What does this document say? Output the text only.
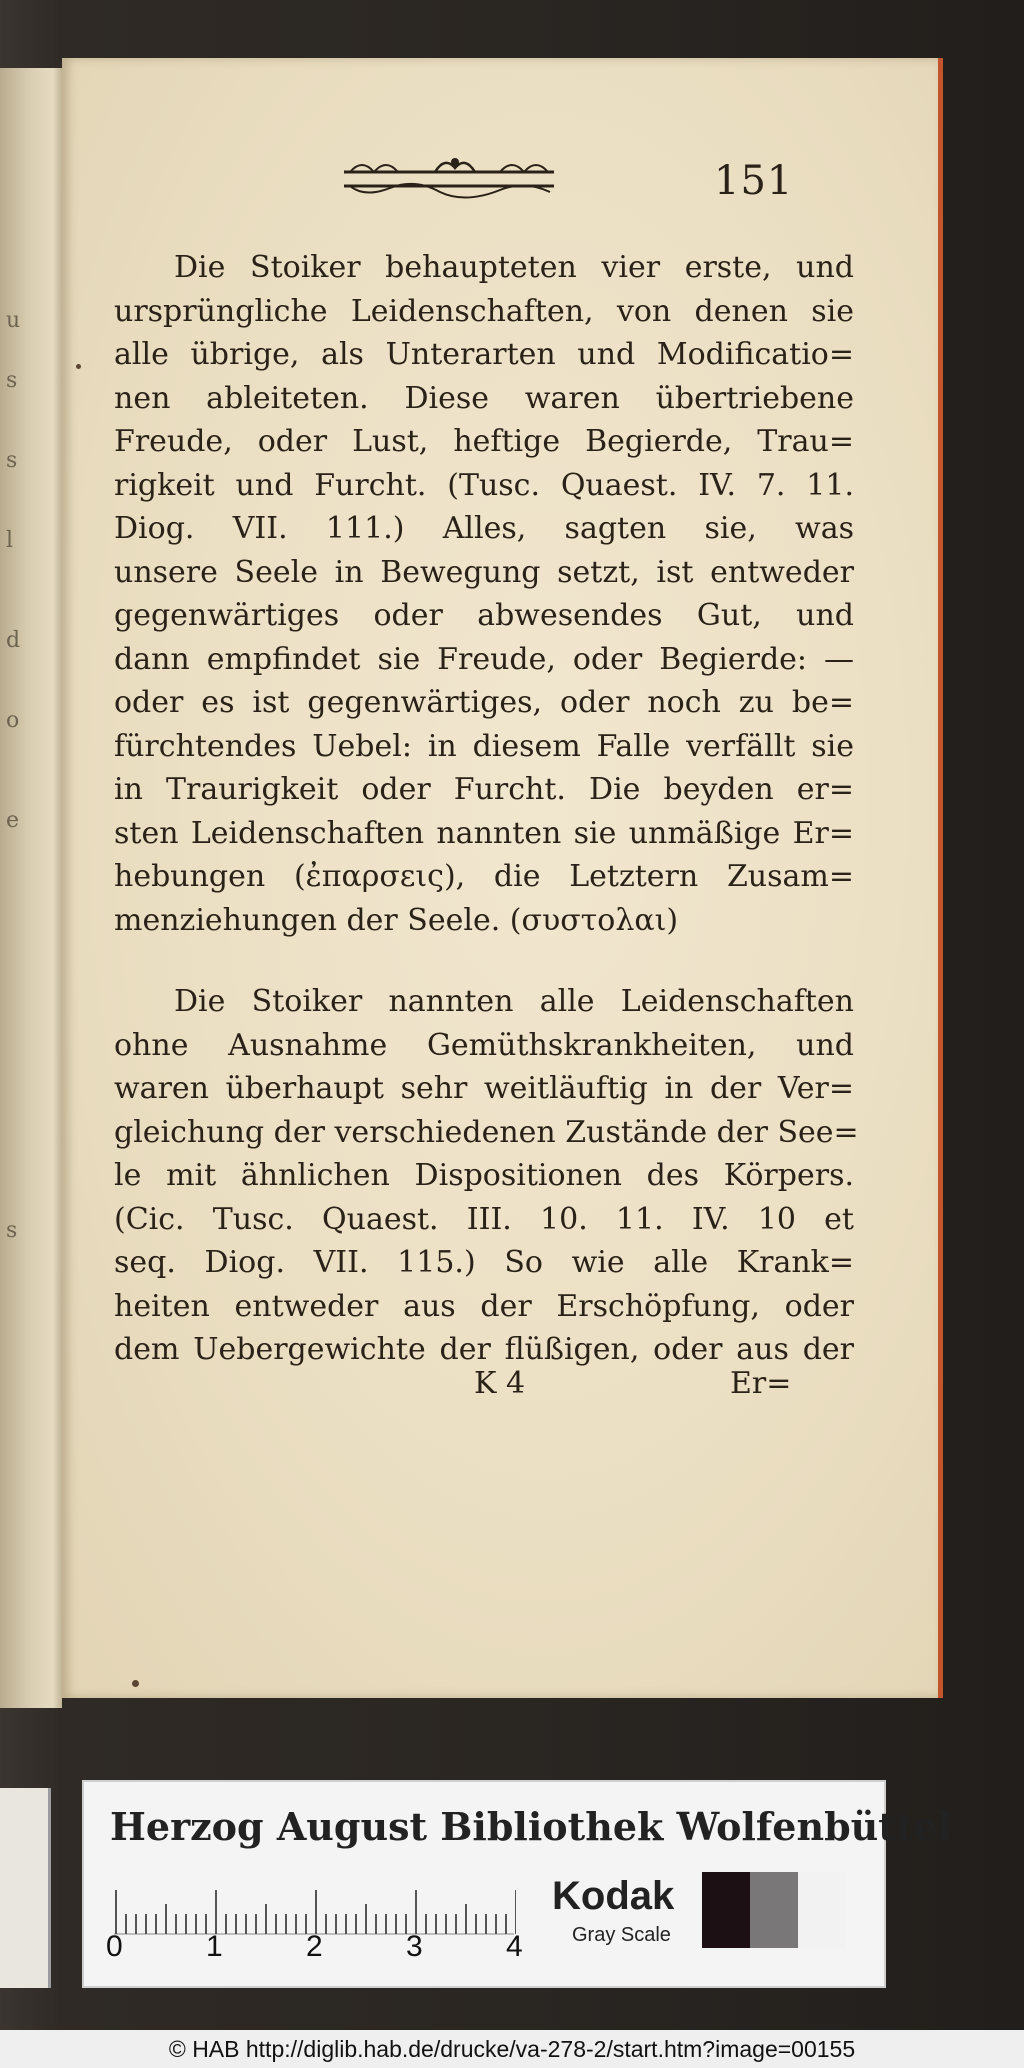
u
s
s
l
d
o
e
s
151
Die Stoiker behaupteten vier erste, und
ursprüngliche Leidenschaften, von denen sie
alle übrige, als Unterarten und Modificatio=
nen ableiteten. Diese waren übertriebene
Freude, oder Lust, heftige Begierde, Trau=
rigkeit und Furcht. (Tusc. Quaest. IV. 7. 11.
Diog. VII. 111.) Alles, sagten sie, was
unsere Seele in Bewegung setzt, ist entweder
gegenwärtiges oder abwesendes Gut, und
dann empfindet sie Freude, oder Begierde: —
oder es ist gegenwärtiges, oder noch zu be=
fürchtendes Uebel: in diesem Falle verfällt sie
in Traurigkeit oder Furcht. Die beyden er=
sten Leidenschaften nannten sie unmäßige Er=
hebungen (ἐπαρσεις), die Letztern Zusam=
menziehungen der Seele. (συστολαι)
Die Stoiker nannten alle Leidenschaften
ohne Ausnahme Gemüthskrankheiten, und
waren überhaupt sehr weitläuftig in der Ver=
gleichung der verschiedenen Zustände der See=
le mit ähnlichen Dispositionen des Körpers.
(Cic. Tusc. Quaest. III. 10. 11. IV. 10 et
seq. Diog. VII. 115.) So wie alle Krank=
heiten entweder aus der Erschöpfung, oder
dem Uebergewichte der flüßigen, oder aus der
K 4	Er=
Herzog August Bibliothek Wolfenbüttel
0	1	2	3	4
Kodak
Gray Scale
© HAB http://diglib.hab.de/drucke/va-278-2/start.htm?image=00155
